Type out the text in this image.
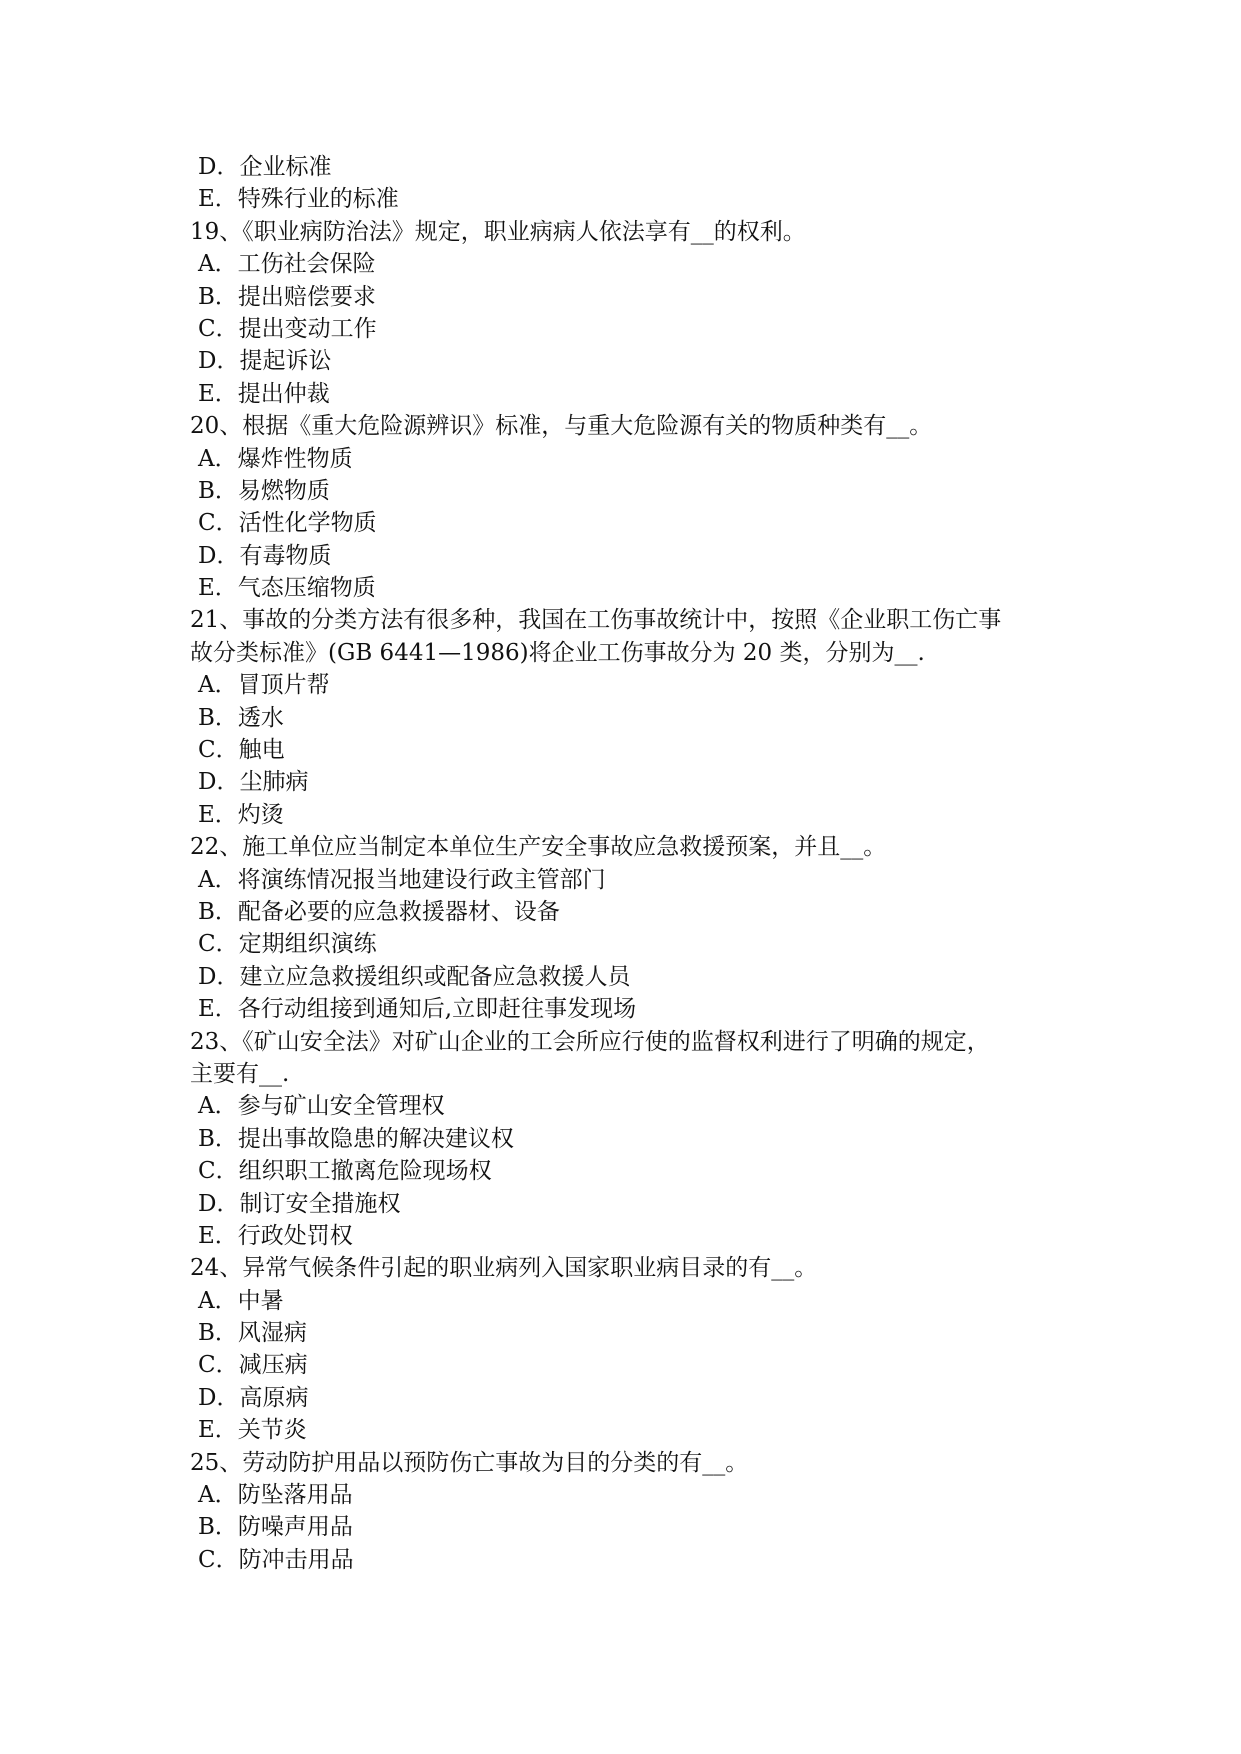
D．企业标准
E．特殊行业的标准
19、《职业病防治法》规定，职业病病人依法享有__的权利。
A．工伤社会保险
B．提出赔偿要求
C．提出变动工作
D．提起诉讼
E．提出仲裁
20、根据《重大危险源辨识》标准，与重大危险源有关的物质种类有__。
A．爆炸性物质
B．易燃物质
C．活性化学物质
D．有毒物质
E．气态压缩物质
21、事故的分类方法有很多种，我国在工伤事故统计中，按照《企业职工伤亡事
故分类标准》(GB 6441—1986)将企业工伤事故分为 20 类，分别为__.
A．冒顶片帮
B．透水
C．触电
D．尘肺病
E．灼烫
22、施工单位应当制定本单位生产安全事故应急救援预案，并且__。
A．将演练情况报当地建设行政主管部门
B．配备必要的应急救援器材、设备
C．定期组织演练
D．建立应急救援组织或配备应急救援人员
E．各行动组接到通知后,立即赶往事发现场
23、《矿山安全法》对矿山企业的工会所应行使的监督权利进行了明确的规定，
主要有__.
A．参与矿山安全管理权
B．提出事故隐患的解决建议权
C．组织职工撤离危险现场权
D．制订安全措施权
E．行政处罚权
24、异常气候条件引起的职业病列入国家职业病目录的有__。
A．中暑
B．风湿病
C．减压病
D．高原病
E．关节炎
25、劳动防护用品以预防伤亡事故为目的分类的有__。
A．防坠落用品
B．防噪声用品
C．防冲击用品
